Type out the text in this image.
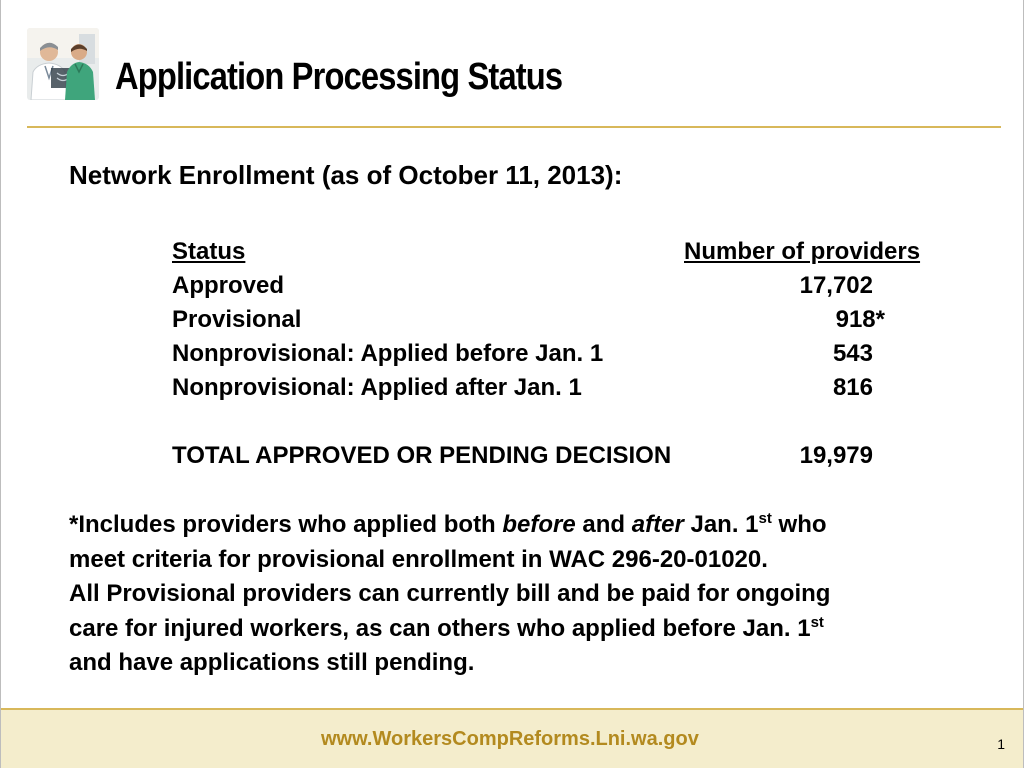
Application Processing Status
Network Enrollment (as of October 11, 2013):
Status	Number of providers
Approved	17,702
Provisional	918*
Nonprovisional: Applied before Jan. 1	543
Nonprovisional: Applied after Jan. 1	816
TOTAL APPROVED OR PENDING DECISION	19,979

*Includes providers who applied both before and after Jan. 1st who

meet criteria for provisional enrollment in WAC 296-20-01020.

All Provisional providers can currently bill and be paid for ongoing

care for injured workers, as can others who applied before Jan. 1st

and have applications still pending.

www.WorkersCompReforms.Lni.wa.gov	1
